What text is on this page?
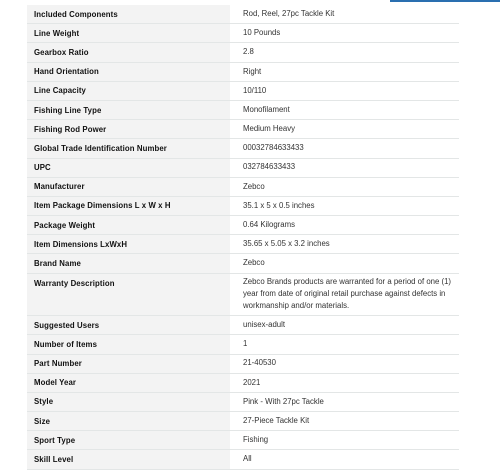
Included Components	Rod, Reel, 27pc Tackle Kit
Line Weight	10 Pounds
Gearbox Ratio	2.8
Hand Orientation	Right
Line Capacity	10/110
Fishing Line Type	Monofilament
Fishing Rod Power	Medium Heavy
Global Trade Identification Number	00032784633433
UPC	032784633433
Manufacturer	Zebco
Item Package Dimensions L x W x H	35.1 x 5 x 0.5 inches
Package Weight	0.64 Kilograms
Item Dimensions LxWxH	35.65 x 5.05 x 3.2 inches
Brand Name	Zebco
Warranty Description	Zebco Brands products are warranted for a period of one (1) year from date of original retail purchase against defects in workmanship and/or materials.
Suggested Users	unisex-adult
Number of Items	1
Part Number	21-40530
Model Year	2021
Style	Pink - With 27pc Tackle
Size	27-Piece Tackle Kit
Sport Type	Fishing
Skill Level	All
